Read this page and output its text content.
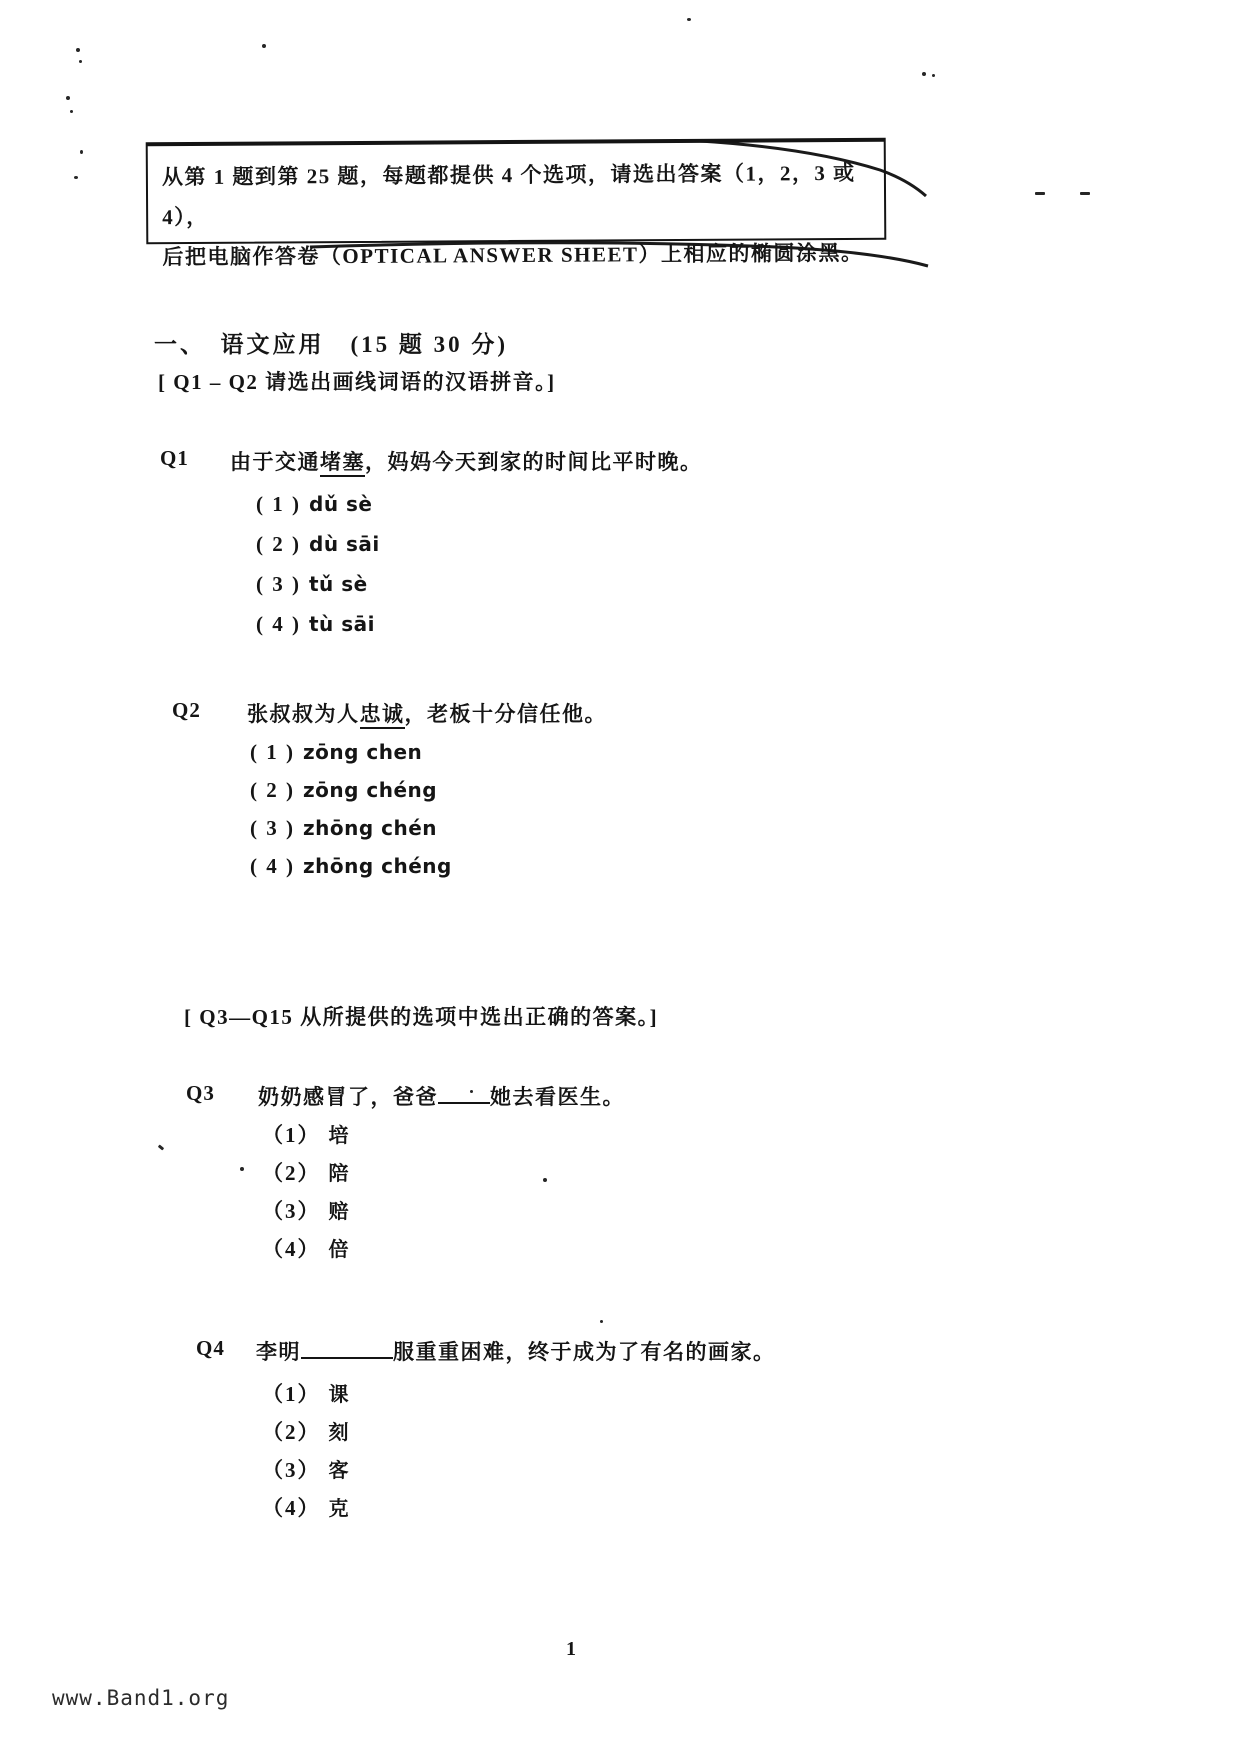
从第 1 题到第 25 题，每题都提供 4 个选项，请选出答案（1，2，3 或 4），
后把电脑作答卷（OPTICAL ANSWER SHEET）上相应的椭圆涂黑。
一、　语文应用　(15 题 30 分)
[ Q1 – Q2 请选出画线词语的汉语拼音。]
Q1 由于交通堵塞，妈妈今天到家的时间比平时晚。
( 1 ) dǔ sè
( 2 ) dù sāi
( 3 ) tǔ sè
( 4 ) tù sāi
Q2 张叔叔为人忠诚，老板十分信任他。
( 1 ) zōng chen
( 2 ) zōng chéng
( 3 ) zhōng chén
( 4 ) zhōng chéng
[ Q3—Q15 从所提供的选项中选出正确的答案。]
Q3 奶奶感冒了，爸爸 她去看医生。
（1） 培
（2） 陪
（3） 赔
（4） 倍
Q4 李明	服重重困难，终于成为了有名的画家。
（1） 课
（2） 刻
（3） 客
（4） 克
1
www.Band1.org
